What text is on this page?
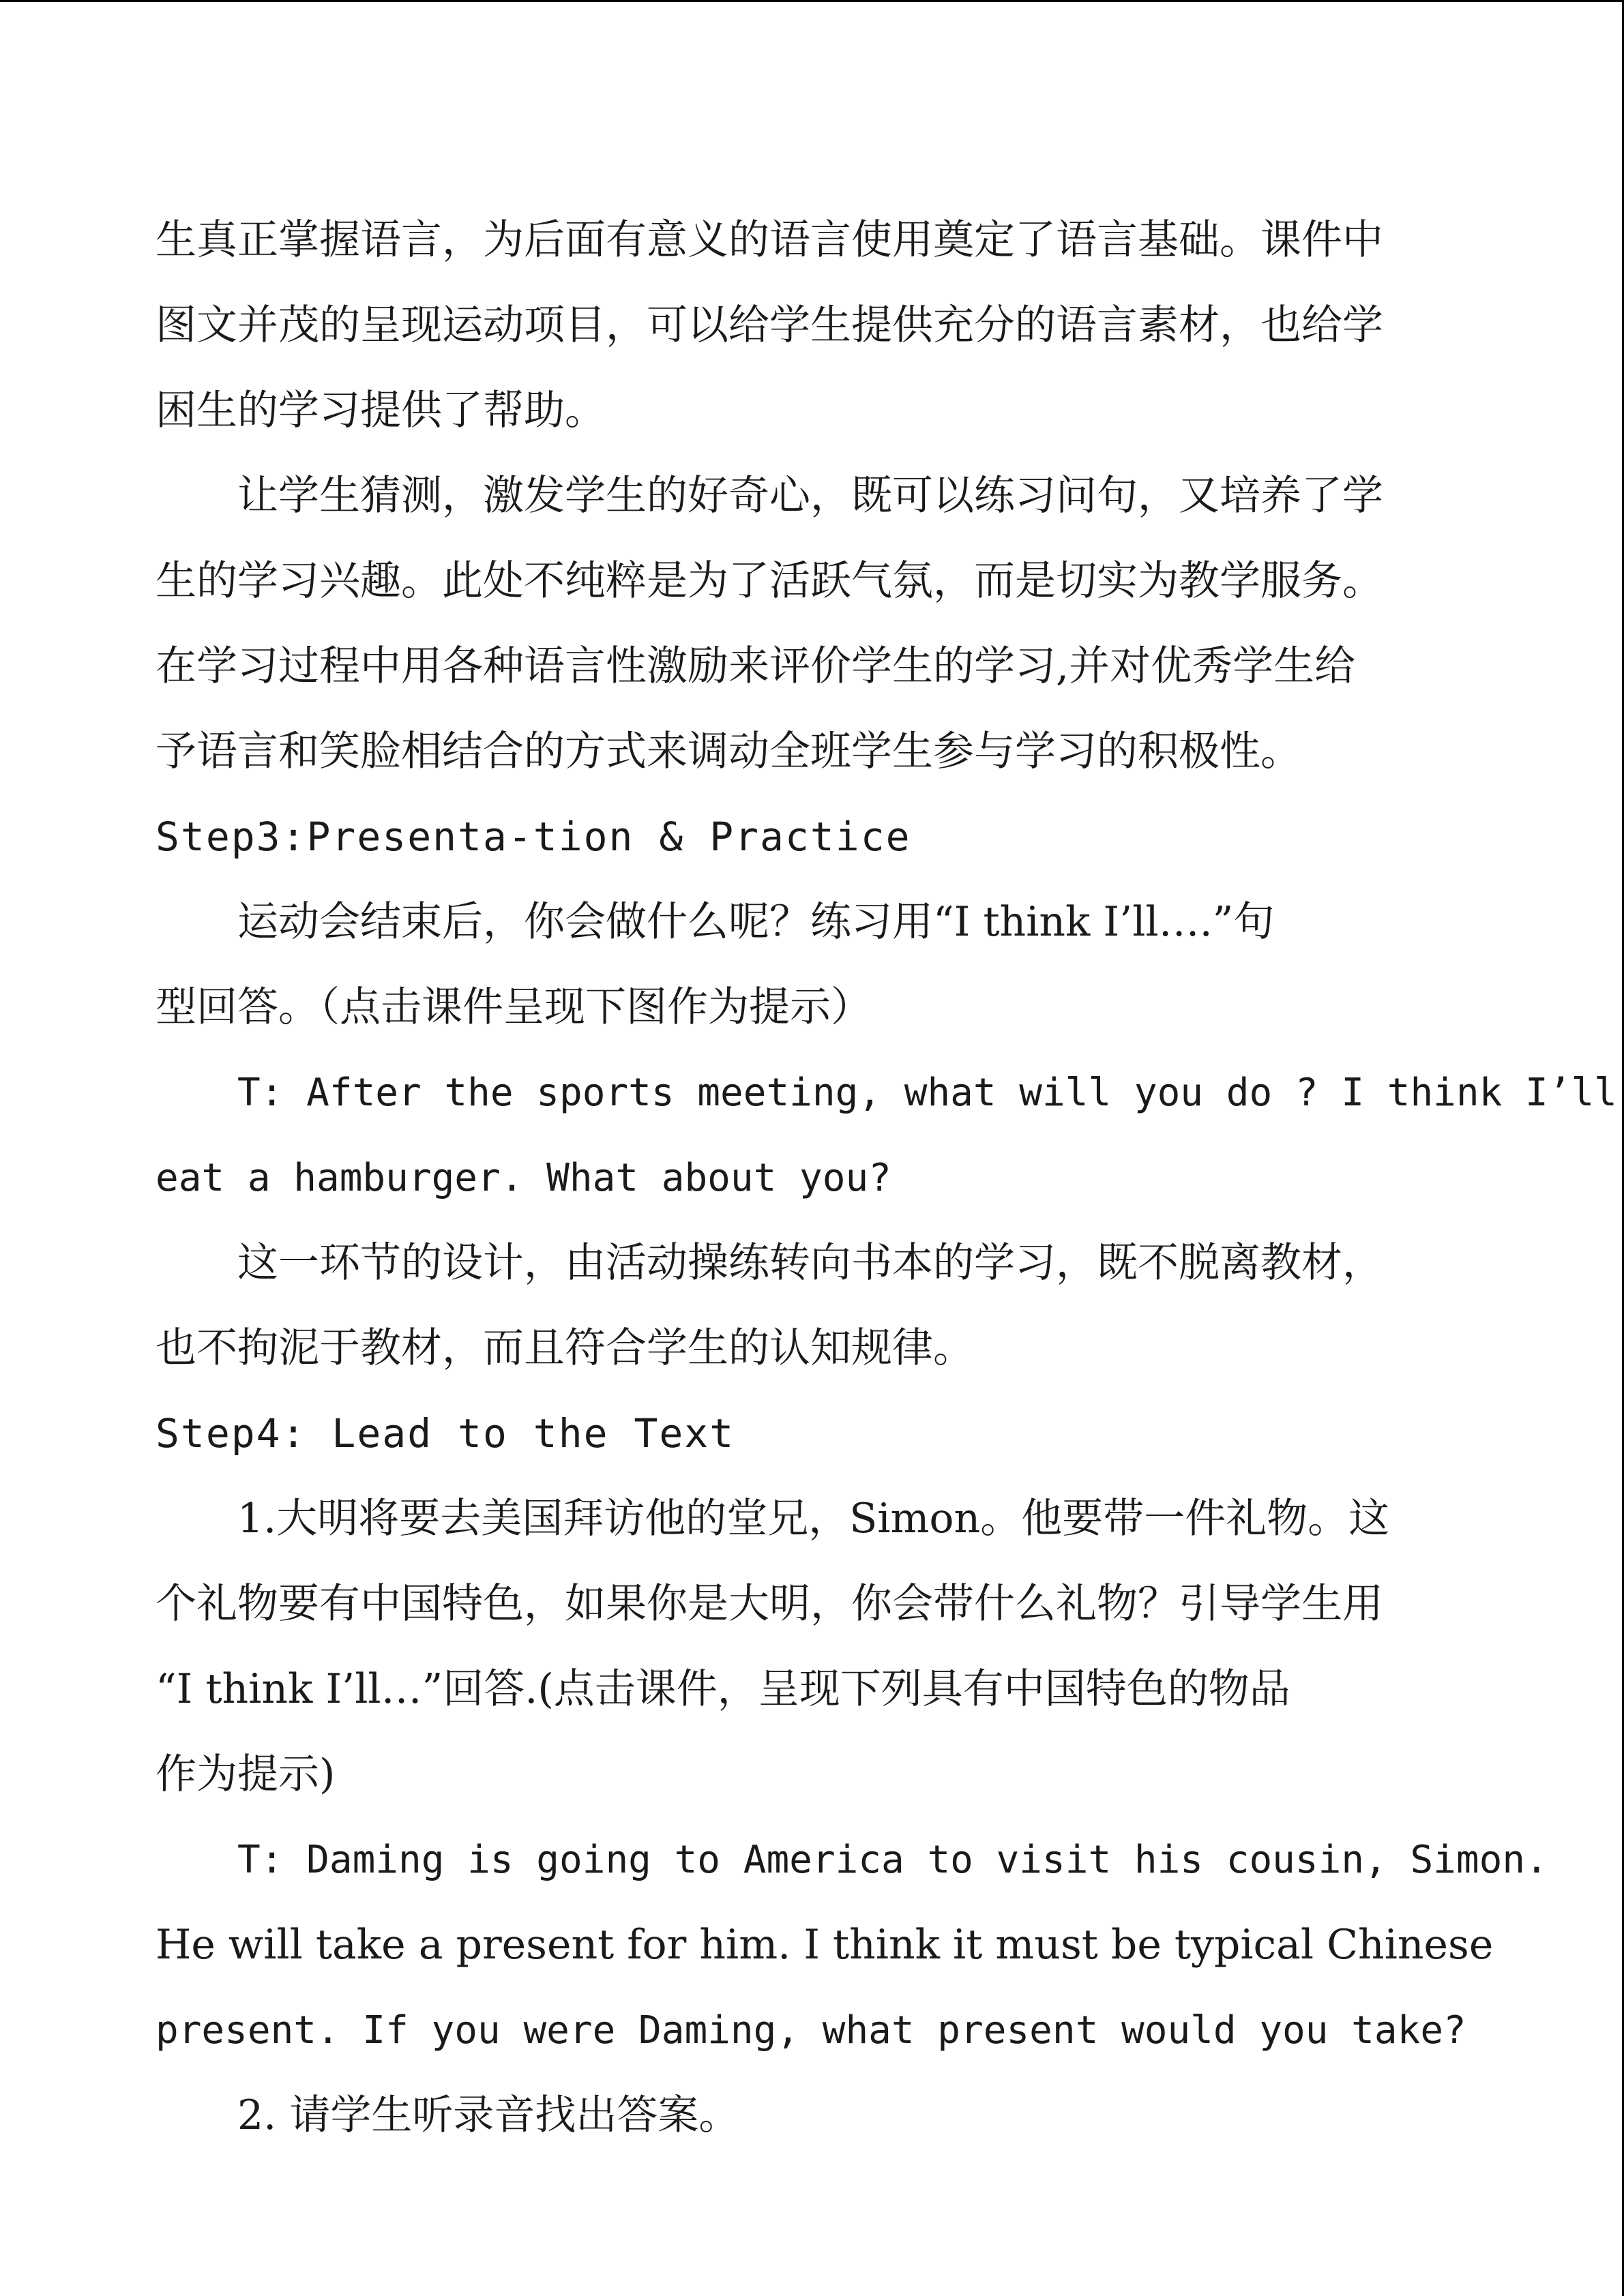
生真正掌握语言，为后面有意义的语言使用奠定了语言基础。课件中
图文并茂的呈现运动项目，可以给学生提供充分的语言素材，也给学
困生的学习提供了帮助。
让学生猜测，激发学生的好奇心，既可以练习问句，又培养了学
生的学习兴趣。此处不纯粹是为了活跃气氛，而是切实为教学服务。
在学习过程中用各种语言性激励来评价学生的学习,并对优秀学生给
予语言和笑脸相结合的方式来调动全班学生参与学习的积极性。
Step3:Presenta-tion & Practice
运动会结束后，你会做什么呢？练习用“I think I’ll….”句
型回答。（点击课件呈现下图作为提示）
T: After the sports meeting, what will you do ? I think I’ll
eat a hamburger. What about you?
这一环节的设计，由活动操练转向书本的学习，既不脱离教材，
也不拘泥于教材，而且符合学生的认知规律。
Step4: Lead to the Text
1.大明将要去美国拜访他的堂兄，Simon。他要带一件礼物。这
个礼物要有中国特色，如果你是大明，你会带什么礼物？引导学生用
“I think I’ll…”回答.(点击课件，呈现下列具有中国特色的物品
作为提示)
T: Daming is going to America to visit his cousin, Simon.
He will take a present for him. I think it must be typical Chinese
present. If you were Daming, what present would you take?
2. 请学生听录音找出答案。
